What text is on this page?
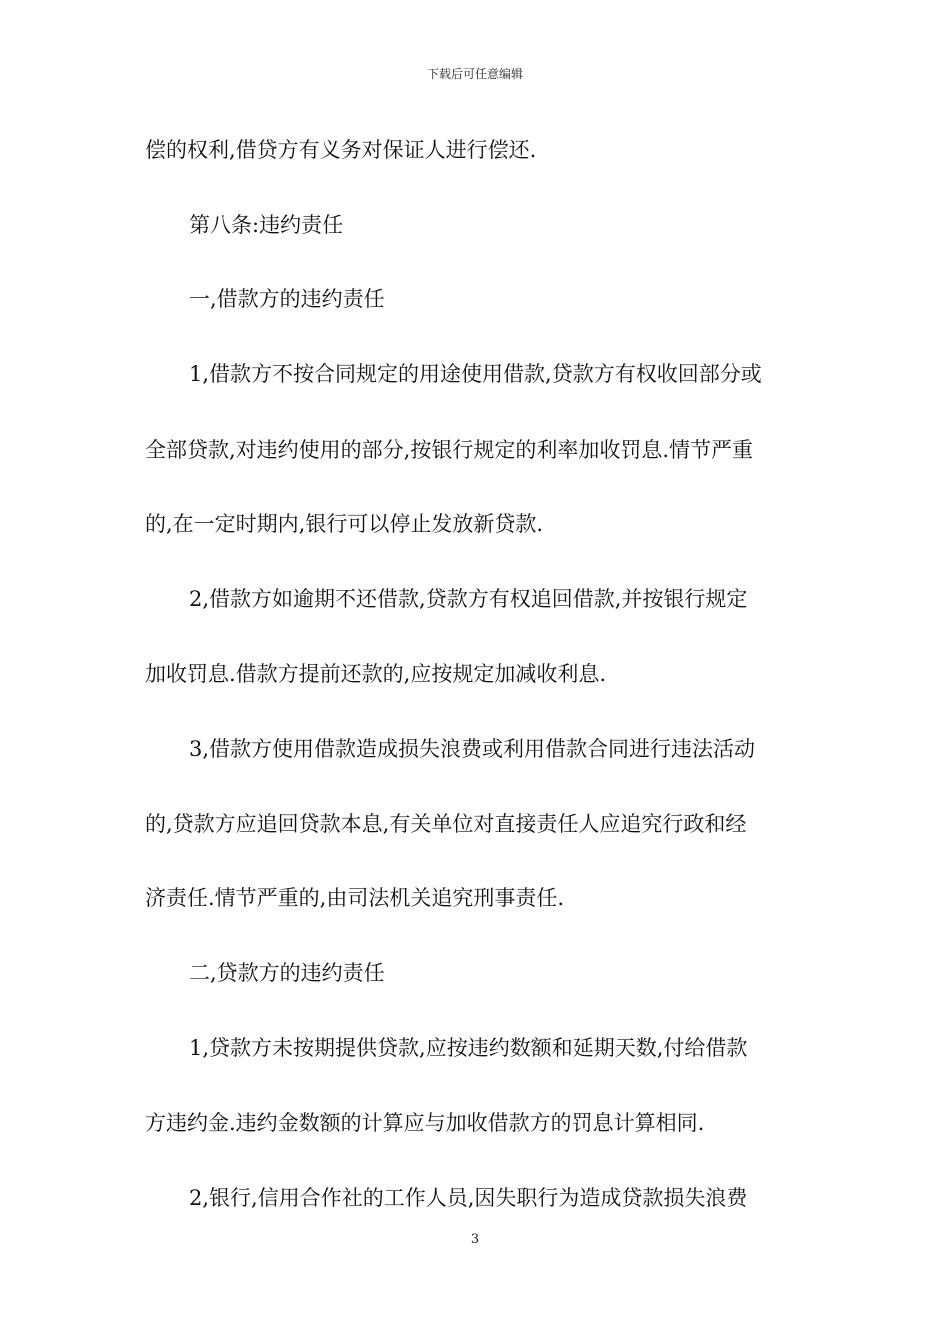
下载后可任意编辑
偿的权利,借贷方有义务对保证人进行偿还.
第八条:违约责任
一,借款方的违约责任
1,借款方不按合同规定的用途使用借款,贷款方有权收回部分或
全部贷款,对违约使用的部分,按银行规定的利率加收罚息.情节严重
的,在一定时期内,银行可以停止发放新贷款.
2,借款方如逾期不还借款,贷款方有权追回借款,并按银行规定
加收罚息.借款方提前还款的,应按规定加减收利息.
3,借款方使用借款造成损失浪费或利用借款合同进行违法活动
的,贷款方应追回贷款本息,有关单位对直接责任人应追究行政和经
济责任.情节严重的,由司法机关追究刑事责任.
二,贷款方的违约责任
1,贷款方未按期提供贷款,应按违约数额和延期天数,付给借款
方违约金.违约金数额的计算应与加收借款方的罚息计算相同.
2,银行,信用合作社的工作人员,因失职行为造成贷款损失浪费
3
